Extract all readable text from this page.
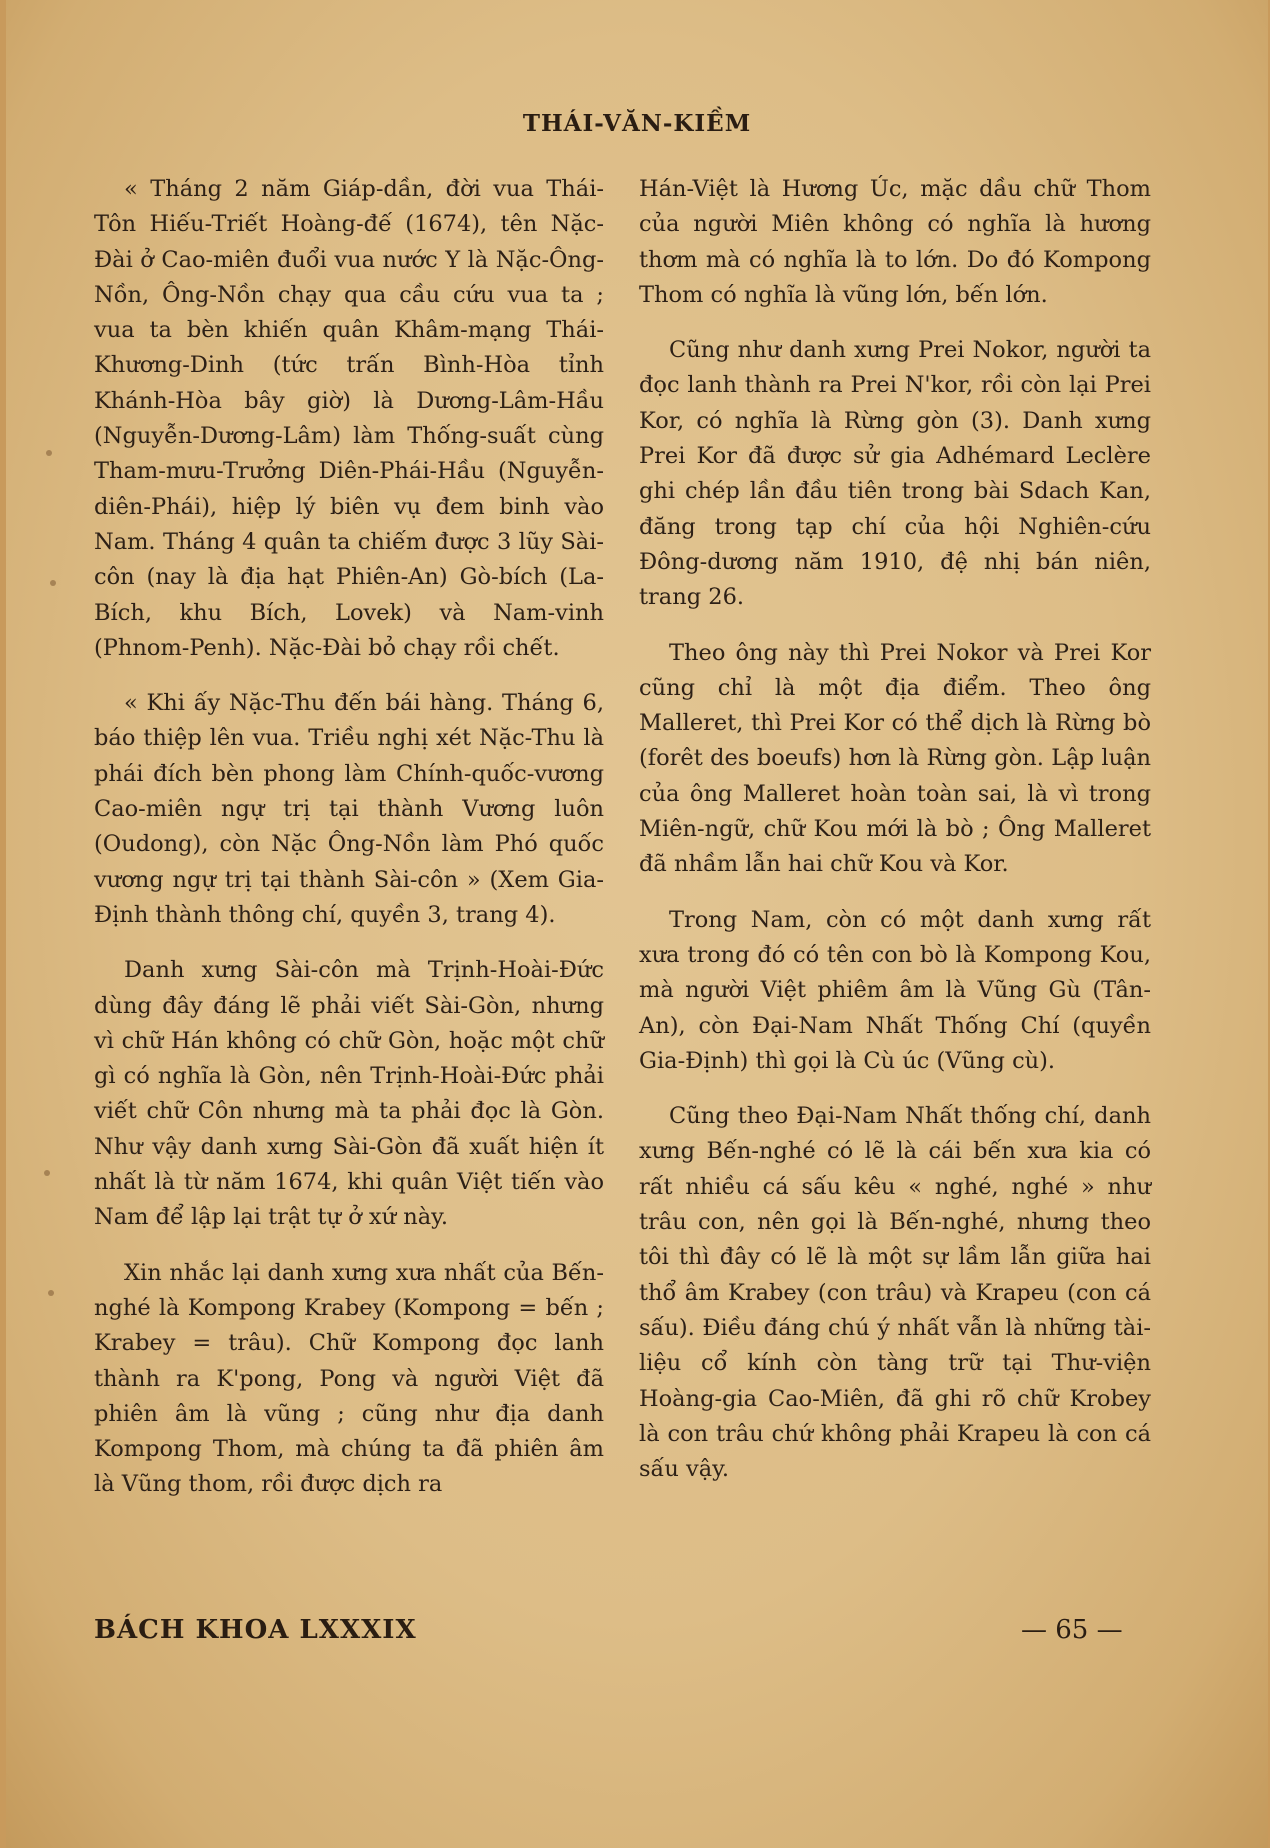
THÁI-VĂN-KIỀM

« Tháng 2 năm Giáp-dần, đời vua Thái-Tôn Hiếu-Triết Hoàng-đế (1674), tên Nặc-Đài ở Cao-miên đuổi vua nước Y là Nặc-Ông-Nồn, Ông-Nồn chạy qua cầu cứu vua ta ; vua ta bèn khiến quân Khâm-mạng Thái-Khương-Dinh (tức trấn Bình-Hòa tỉnh Khánh-Hòa bây giờ) là Dương-Lâm-Hầu (Nguyễn-Dương-Lâm) làm Thống-suất cùng Tham-mưu-Trưởng Diên-Phái-Hầu (Nguyễn-diên-Phái), hiệp lý biên vụ đem binh vào Nam. Tháng 4 quân ta chiếm được 3 lũy Sài-côn (nay là địa hạt Phiên-An) Gò-bích (La-Bích, khu Bích, Lovek) và Nam-vinh (Phnom-Penh). Nặc-Đài bỏ chạy rồi chết.

« Khi ấy Nặc-Thu đến bái hàng. Tháng 6, báo thiệp lên vua. Triều nghị xét Nặc-Thu là phái đích bèn phong làm Chính-quốc-vương Cao-miên ngự trị tại thành Vương luôn (Oudong), còn Nặc Ông-Nồn làm Phó quốc vương ngự trị tại thành Sài-côn » (Xem Gia-Định thành thông chí, quyền 3, trang 4).

Danh xưng Sài-côn mà Trịnh-Hoài-Đức dùng đây đáng lẽ phải viết Sài-Gòn, nhưng vì chữ Hán không có chữ Gòn, hoặc một chữ gì có nghĩa là Gòn, nên Trịnh-Hoài-Đức phải viết chữ Côn nhưng mà ta phải đọc là Gòn. Như vậy danh xưng Sài-Gòn đã xuất hiện ít nhất là từ năm 1674, khi quân Việt tiến vào Nam để lập lại trật tự ở xứ này.

Xin nhắc lại danh xưng xưa nhất của Bến-nghé là Kompong Krabey (Kompong = bến ; Krabey = trâu). Chữ Kompong đọc lanh thành ra K'pong, Pong và người Việt đã phiên âm là vũng ; cũng như địa danh Kompong Thom, mà chúng ta đã phiên âm là Vũng thom, rồi được dịch ra

Hán-Việt là Hương Úc, mặc dầu chữ Thom của người Miên không có nghĩa là hương thơm mà có nghĩa là to lớn. Do đó Kompong Thom có nghĩa là vũng lớn, bến lớn.

Cũng như danh xưng Prei Nokor, người ta đọc lanh thành ra Prei N'kor, rồi còn lại Prei Kor, có nghĩa là Rừng gòn (3). Danh xưng Prei Kor đã được sử gia Adhémard Leclère ghi chép lần đầu tiên trong bài Sdach Kan, đăng trong tạp chí của hội Nghiên-cứu Đông-dương năm 1910, đệ nhị bán niên, trang 26.

Theo ông này thì Prei Nokor và Prei Kor cũng chỉ là một địa điểm. Theo ông Malleret, thì Prei Kor có thể dịch là Rừng bò (forêt des boeufs) hơn là Rừng gòn. Lập luận của ông Malleret hoàn toàn sai, là vì trong Miên-ngữ, chữ Kou mới là bò ; Ông Malleret đã nhầm lẫn hai chữ Kou và Kor.

Trong Nam, còn có một danh xưng rất xưa trong đó có tên con bò là Kompong Kou, mà người Việt phiêm âm là Vũng Gù (Tân-An), còn Đại-Nam Nhất Thống Chí (quyền Gia-Định) thì gọi là Cù úc (Vũng cù).

Cũng theo Đại-Nam Nhất thống chí, danh xưng Bến-nghé có lẽ là cái bến xưa kia có rất nhiều cá sấu kêu « nghé, nghé » như trâu con, nên gọi là Bến-nghé, nhưng theo tôi thì đây có lẽ là một sự lầm lẫn giữa hai thổ âm Krabey (con trâu) và Krapeu (con cá sấu). Điều đáng chú ý nhất vẫn là những tài-liệu cổ kính còn tàng trữ tại Thư-viện Hoàng-gia Cao-Miên, đã ghi rõ chữ Krobey là con trâu chứ không phải Krapeu là con cá sấu vậy.

BÁCH KHOA LXXXIX	— 65 —
